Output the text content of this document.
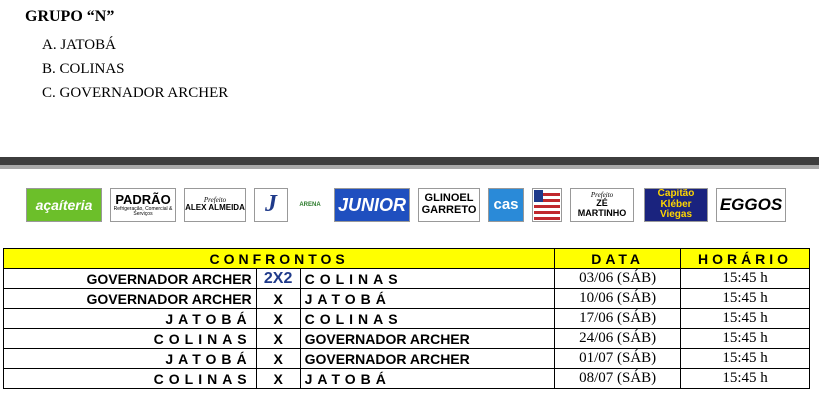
GRUPO “N”
A. JATOBÁ
B. COLINAS
C. GOVERNADOR ARCHER
açaíteria PADRÃO
Refrigeração, Comercial & Serviços
Prefeito
ALEX ALMEIDA J	ARENA JUNIOR	GLINOEL GARRETO cas
Prefeito
ZÉ MARTINHO
Capitão Kléber Viegas
EGGOS
CONFRONTOS			DATA	HORÁRIO
GOVERNADOR ARCHER	2X2	COLINAS	03/06 (SÁB)	15:45 h
GOVERNADOR ARCHER	X	JATOBÁ	10/06 (SÁB)	15:45 h
JATOBÁ	X	COLINAS	17/06 (SÁB)	15:45 h
COLINAS	X	GOVERNADOR ARCHER	24/06 (SÁB)	15:45 h
JATOBÁ	X	GOVERNADOR ARCHER	01/07 (SÁB)	15:45 h
COLINAS	X	JATOBÁ	08/07 (SÁB)	15:45 h
